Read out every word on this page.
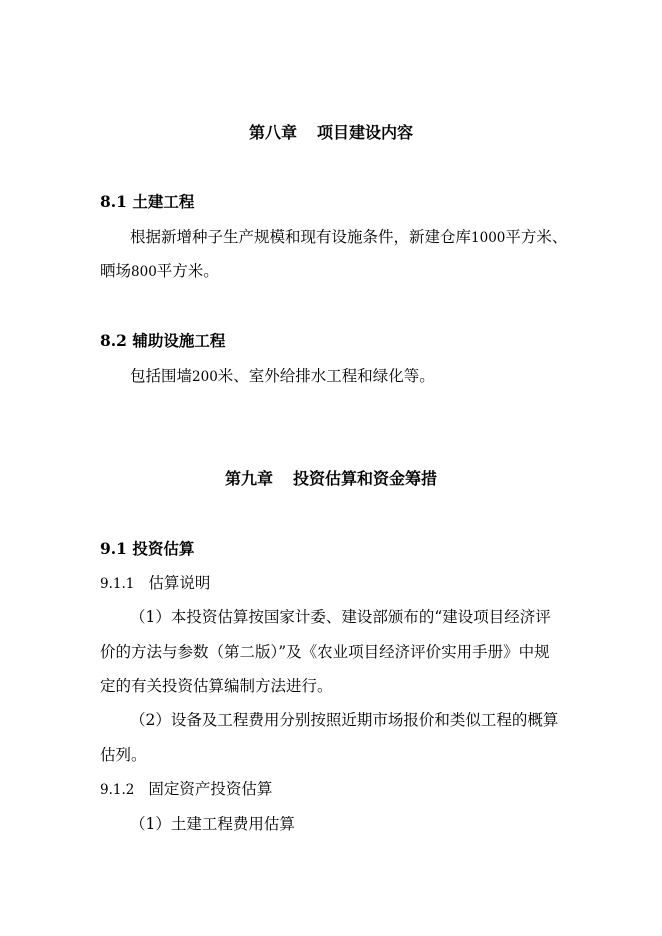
第八章 项目建设内容
8.1 土建工程
根据新增种子生产规模和现有设施条件，新建仓库1000平方米、
晒场800平方米。
8.2 辅助设施工程
包括围墙200米、室外给排水工程和绿化等。
第九章 投资估算和资金筹措
9.1 投资估算
9.1.1 估算说明
（1）本投资估算按国家计委、建设部颁布的“建设项目经济评
价的方法与参数（第二版）”及《农业项目经济评价实用手册》中规
定的有关投资估算编制方法进行。
（2）设备及工程费用分别按照近期市场报价和类似工程的概算
估列。
9.1.2 固定资产投资估算
（1）土建工程费用估算
